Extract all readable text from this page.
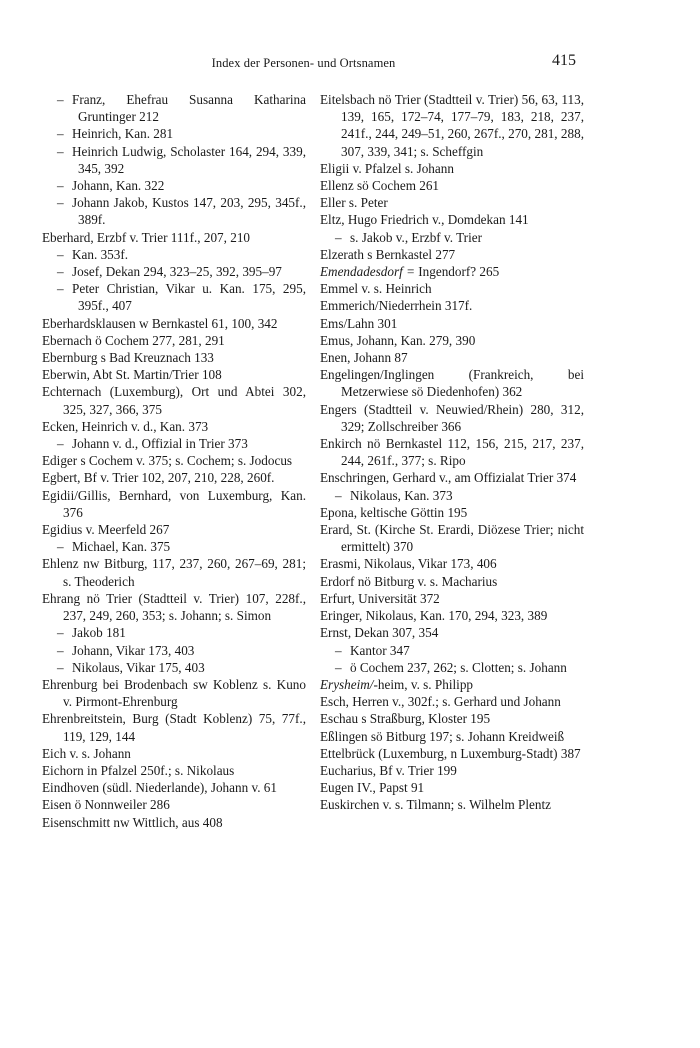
Index der Personen- und Ortsnamen	415
– Franz, Ehefrau Susanna Katharina Gruntinger 212
– Heinrich, Kan. 281
– Heinrich Ludwig, Scholaster 164, 294, 339, 345, 392
– Johann, Kan. 322
– Johann Jakob, Kustos 147, 203, 295, 345f., 389f.
Eberhard, Erzbf v. Trier 111f., 207, 210
– Kan. 353f.
– Josef, Dekan 294, 323–25, 392, 395–97
– Peter Christian, Vikar u. Kan. 175, 295, 395f., 407
Eberhardsklausen w Bernkastel 61, 100, 342
Ebernach ö Cochem 277, 281, 291
Ebernburg s Bad Kreuznach 133
Eberwin, Abt St. Martin/Trier 108
Echternach (Luxemburg), Ort und Abtei 302, 325, 327, 366, 375
Ecken, Heinrich v. d., Kan. 373
– Johann v. d., Offizial in Trier 373
Ediger s Cochem v. 375; s. Cochem; s. Jodocus
Egbert, Bf v. Trier 102, 207, 210, 228, 260f.
Egidii/Gillis, Bernhard, von Luxemburg, Kan. 376
Egidius v. Meerfeld 267
– Michael, Kan. 375
Ehlenz nw Bitburg, 117, 237, 260, 267–69, 281; s. Theoderich
Ehrang nö Trier (Stadtteil v. Trier) 107, 228f., 237, 249, 260, 353; s. Johann; s. Simon
– Jakob 181
– Johann, Vikar 173, 403
– Nikolaus, Vikar 175, 403
Ehrenburg bei Brodenbach sw Koblenz s. Kuno v. Pirmont-Ehrenburg
Ehrenbreitstein, Burg (Stadt Koblenz) 75, 77f., 119, 129, 144
Eich v. s. Johann
Eichorn in Pfalzel 250f.; s. Nikolaus
Eindhoven (südl. Niederlande), Johann v. 61
Eisen ö Nonnweiler 286
Eisenschmitt nw Wittlich, aus 408
Eitelsbach nö Trier (Stadtteil v. Trier) 56, 63, 113, 139, 165, 172–74, 177–79, 183, 218, 237, 241f., 244, 249–51, 260, 267f., 270, 281, 288, 307, 339, 341; s. Scheffgin
Eligii v. Pfalzel s. Johann
Ellenz sö Cochem 261
Eller s. Peter
Eltz, Hugo Friedrich v., Domdekan 141
– s. Jakob v., Erzbf v. Trier
Elzerath s Bernkastel 277
Emendadesdorf = Ingendorf? 265
Emmel v. s. Heinrich
Emmerich/Niederrhein 317f.
Ems/Lahn 301
Emus, Johann, Kan. 279, 390
Enen, Johann 87
Engelingen/Inglingen (Frankreich, bei Metzerwiese sö Diedenhofen) 362
Engers (Stadtteil v. Neuwied/Rhein) 280, 312, 329; Zollschreiber 366
Enkirch nö Bernkastel 112, 156, 215, 217, 237, 244, 261f., 377; s. Ripo
Enschringen, Gerhard v., am Offizialat Trier 374
– Nikolaus, Kan. 373
Epona, keltische Göttin 195
Erard, St. (Kirche St. Erardi, Diözese Trier; nicht ermittelt) 370
Erasmi, Nikolaus, Vikar 173, 406
Erdorf nö Bitburg v. s. Macharius
Erfurt, Universität 372
Eringer, Nikolaus, Kan. 170, 294, 323, 389
Ernst, Dekan 307, 354
– Kantor 347
– ö Cochem 237, 262; s. Clotten; s. Johann
Erysheim/-heim, v. s. Philipp
Esch, Herren v., 302f.; s. Gerhard und Johann
Eschau s Straßburg, Kloster 195
Eßlingen sö Bitburg 197; s. Johann Kreidweiß
Ettelbrück (Luxemburg, n Luxemburg-Stadt) 387
Eucharius, Bf v. Trier 199
Eugen IV., Papst 91
Euskirchen v. s. Tilmann; s. Wilhelm Plentz
